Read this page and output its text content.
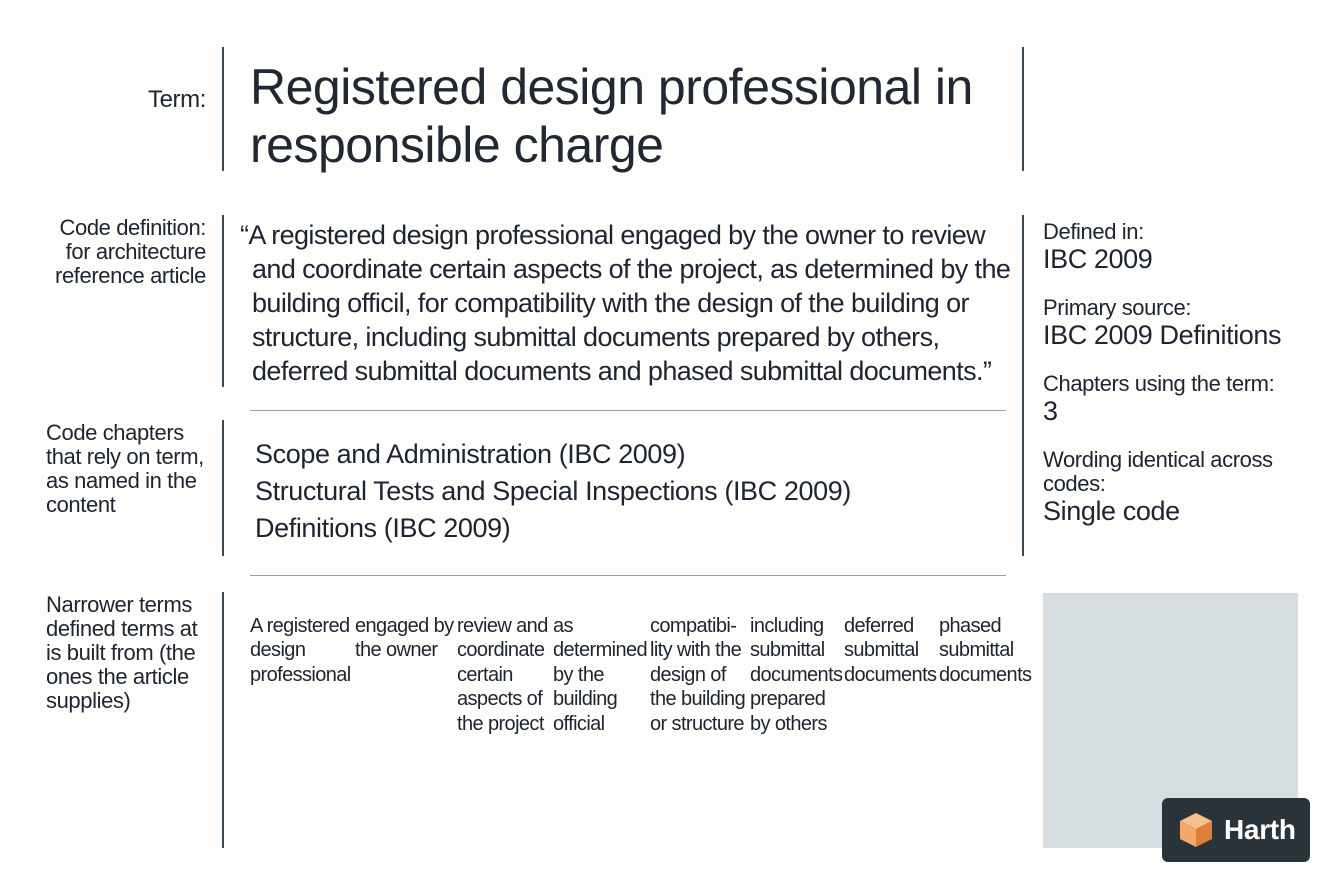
Term: Registered design professional in responsible charge
Code definition: for architecture reference article
“A registered design professional engaged by the owner to review and coordinate certain aspects of the project, as determined by the building officil, for compatibility with the design of the building or structure, including submittal documents prepared by others, deferred submittal documents and phased submittal documents.”
Code chapters that rely on term, as named in the content
Scope and Administration (IBC 2009)
Structural Tests and Special Inspections (IBC 2009)
Definitions (IBC 2009)
Narrower terms defined terms at is built from (the ones the article supplies)
A registered design professional
engaged by the owner
review and coordinate certain aspects of the project
as determined by the building official
compatibi-lity with the design of the building or structure
including submittal documents prepared by others
deferred submittal documents
phased submittal documents
Defined in:
IBC 2009
Primary source:
IBC 2009 Definitions
Chapters using the term:
3
Wording identical across codes:
Single code
Harth
